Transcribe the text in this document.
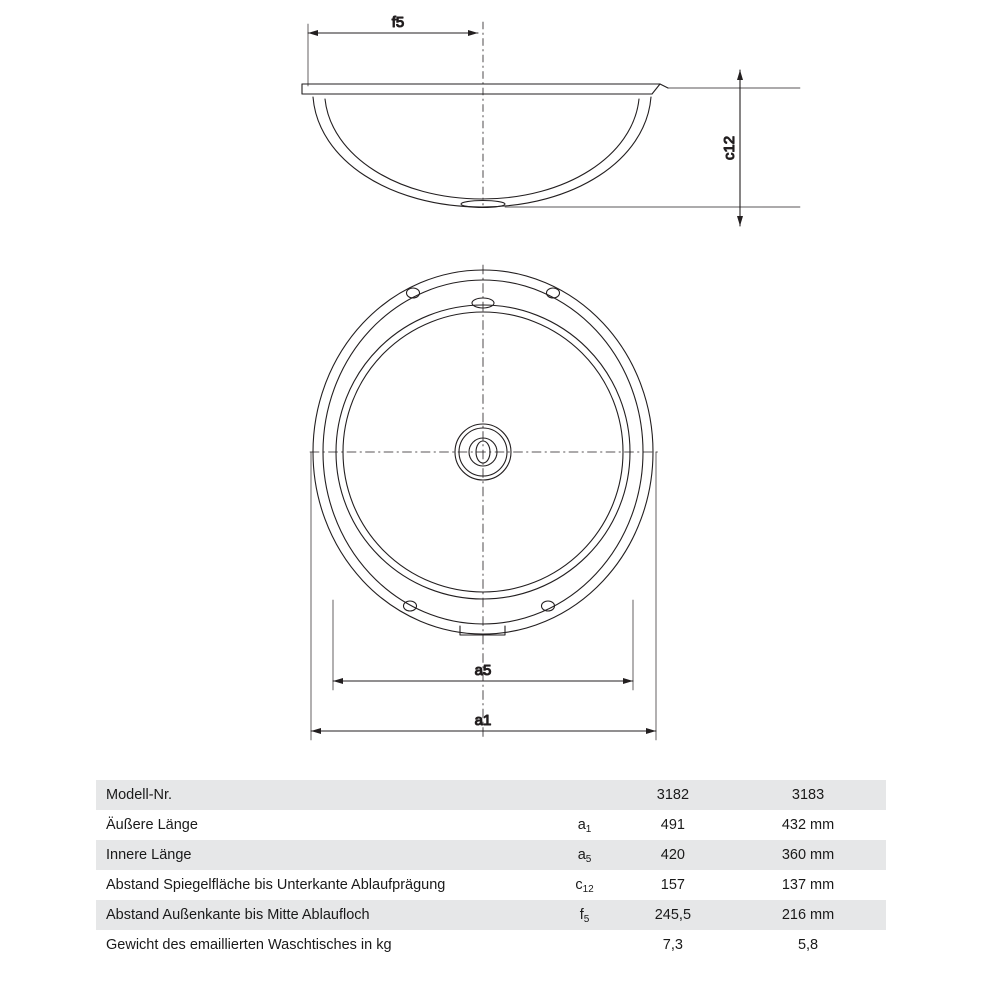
f5
c12
a5
a1
Modell-Nr.		3182	3183
Äußere Länge	$a_1$	491	432 mm
Innere Länge	$a_5$	420	360 mm
Abstand Spiegelfläche bis Unterkante Ablaufprägung	$c_{12}$	157	137 mm
Abstand Außenkante bis Mitte Ablaufloch	$f_5$	245,5	216 mm
Gewicht des emaillierten Waschtisches in kg		7,3	5,8
